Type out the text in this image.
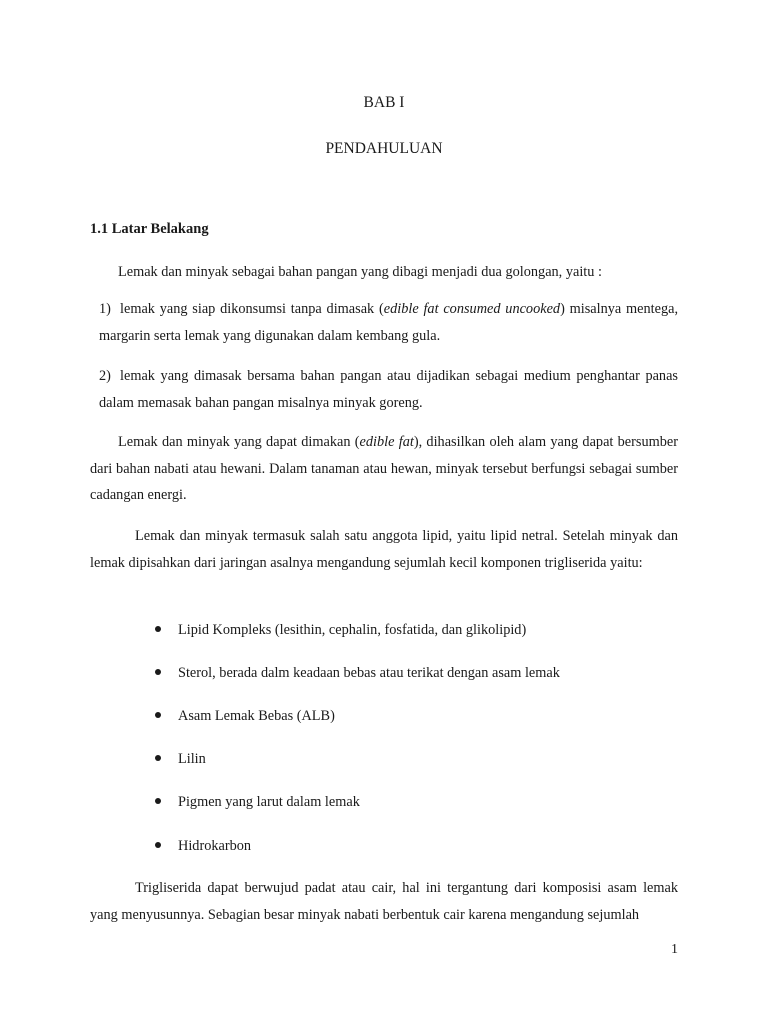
BAB I
PENDAHULUAN
1.1 Latar Belakang

Lemak dan minyak sebagai bahan pangan yang dibagi menjadi dua golongan, yaitu :

1) lemak yang siap dikonsumsi tanpa dimasak (edible fat consumed uncooked) misalnya mentega, margarin serta lemak yang digunakan dalam kembang gula.

2) lemak yang dimasak bersama bahan pangan atau dijadikan sebagai medium penghantar panas dalam memasak bahan pangan misalnya minyak goreng.

Lemak dan minyak yang dapat dimakan (edible fat), dihasilkan oleh alam yang dapat bersumber dari bahan nabati atau hewani. Dalam tanaman atau hewan, minyak tersebut berfungsi sebagai sumber cadangan energi.

Lemak dan minyak termasuk salah satu anggota lipid, yaitu lipid netral. Setelah minyak dan lemak dipisahkan dari jaringan asalnya mengandung sejumlah kecil komponen trigliserida yaitu:

Lipid Kompleks (lesithin, cephalin, fosfatida, dan glikolipid)
Sterol, berada dalm keadaan bebas atau terikat dengan asam lemak
Asam Lemak Bebas (ALB)
Lilin
Pigmen yang larut dalam lemak
Hidrokarbon

Trigliserida dapat berwujud padat atau cair, hal ini tergantung dari komposisi asam lemak yang menyusunnya. Sebagian besar minyak nabati berbentuk cair karena mengandung sejumlah

1
